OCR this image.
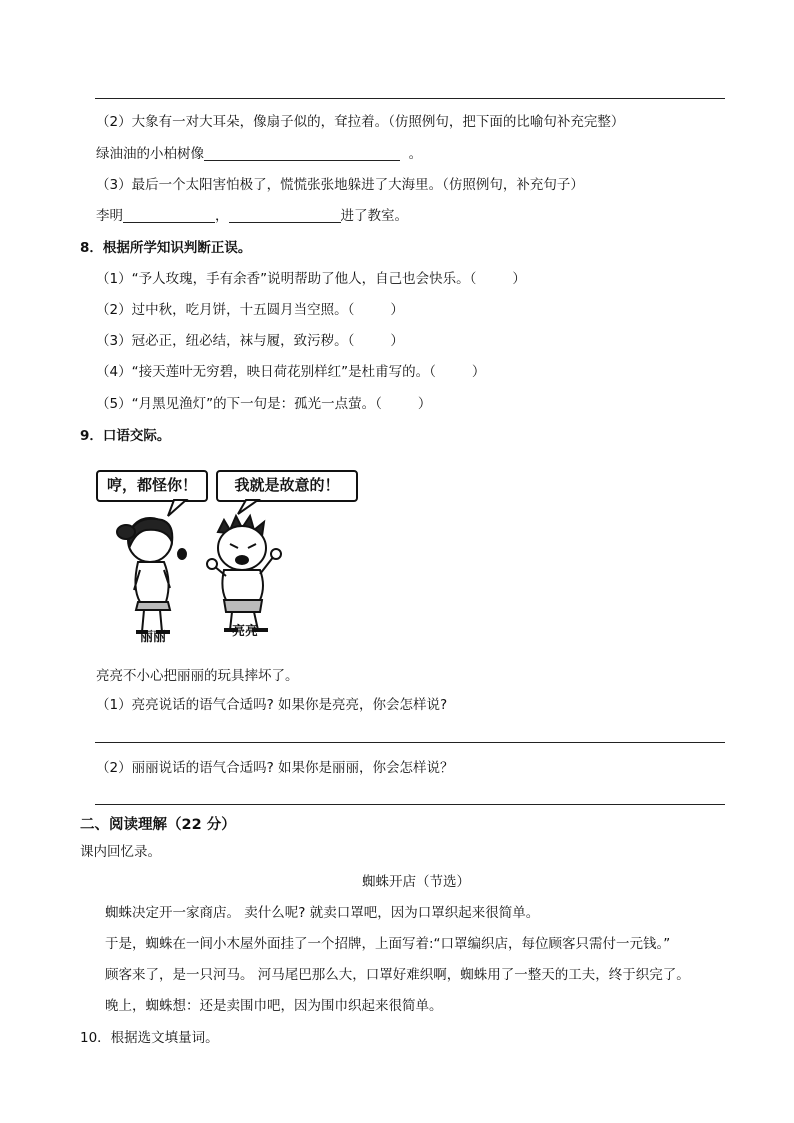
（2）大象有一对大耳朵，像扇子似的，耷拉着。（仿照例句，把下面的比喻句补充完整）
绿油油的小柏树像	。
（3）最后一个太阳害怕极了，慌慌张张地躲进了大海里。（仿照例句，补充句子）
李明	，	进了教室。
8．根据所学知识判断正误。
（1）“予人玫瑰，手有余香”说明帮助了他人，自己也会快乐。（	）
（2）过中秋，吃月饼，十五圆月当空照。（	）
（3）冠必正，纽必结，袜与履，致污秽。（	）
（4）“接天莲叶无穷碧，映日荷花别样红”是杜甫写的。（	）
（5）“月黑见渔灯”的下一句是：孤光一点萤。（	）
9．口语交际。
哼，都怪你！	我就是故意的！
丽丽	亮亮
亮亮不小心把丽丽的玩具摔坏了。
（1）亮亮说话的语气合适吗? 如果你是亮亮，你会怎样说?
（2）丽丽说话的语气合适吗? 如果你是丽丽，你会怎样说？
二、阅读理解（22 分）
课内回忆录。
蜘蛛开店（节选）
蜘蛛决定开一家商店。 卖什么呢? 就卖口罩吧，因为口罩织起来很简单。
于是，蜘蛛在一间小木屋外面挂了一个招牌，上面写着:“口罩编织店，每位顾客只需付一元钱。”
顾客来了，是一只河马。 河马尾巴那么大，口罩好难织啊，蜘蛛用了一整天的工夫，终于织完了。
晚上，蜘蛛想：还是卖围巾吧，因为围巾织起来很简单。
10．根据选文填量词。
